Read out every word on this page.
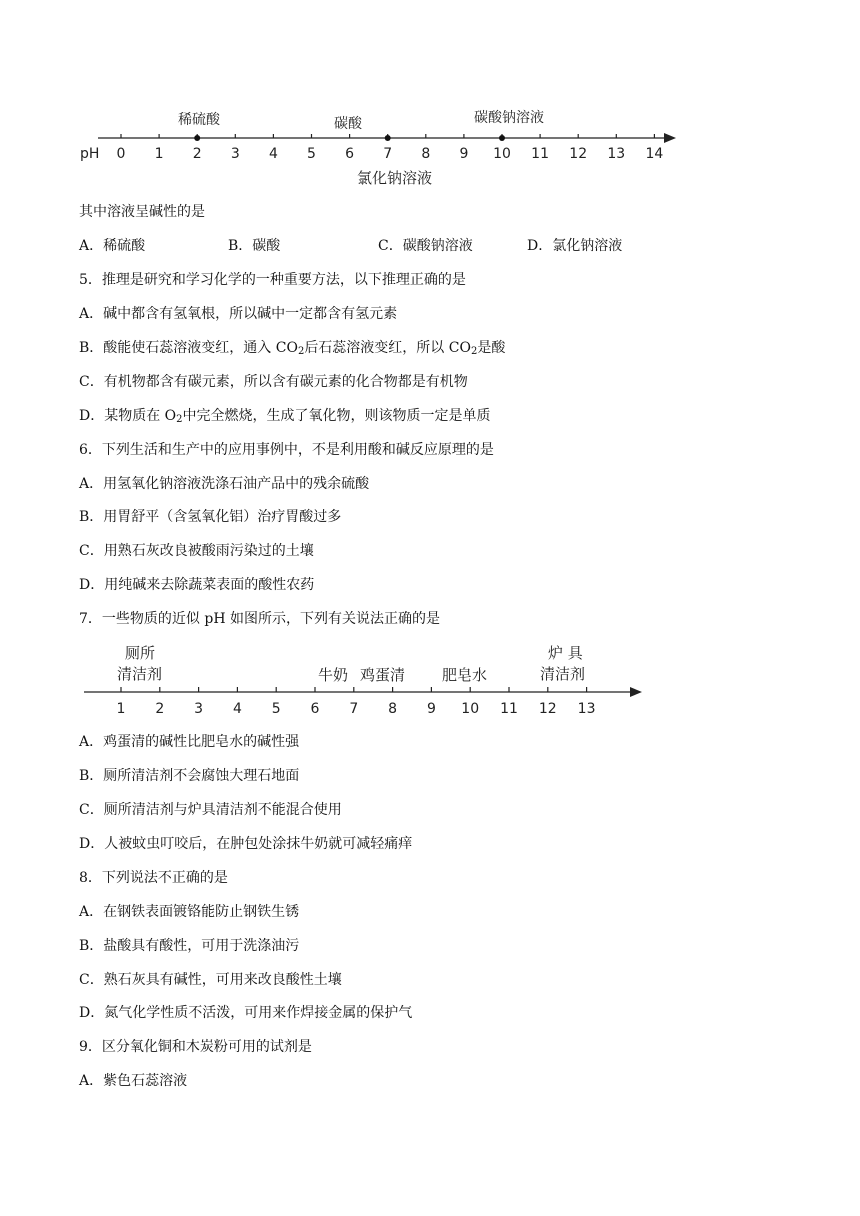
pH 0 1 2 3 4 5 6 7 8 9 10 11 12 13 14
稀硫酸	碳酸	碳酸钠溶液
氯化钠溶液
其中溶液呈碱性的是
A．稀硫酸	B．碳酸	C．碳酸钠溶液	D．氯化钠溶液
5．推理是研究和学习化学的一种重要方法，以下推理正确的是
A．碱中都含有氢氧根，所以碱中一定都含有氢元素
B．酸能使石蕊溶液变红，通入 $CO_2$后石蕊溶液变红，所以 $CO_2$是酸
C．有机物都含有碳元素，所以含有碳元素的化合物都是有机物
D．某物质在 $O_2$中完全燃烧，生成了氧化物，则该物质一定是单质
6．下列生活和生产中的应用事例中，不是利用酸和碱反应原理的是
A．用氢氧化钠溶液洗涤石油产品中的残余硫酸
B．用胃舒平（含氢氧化铝）治疗胃酸过多
C．用熟石灰改良被酸雨污染过的土壤
D．用纯碱来去除蔬菜表面的酸性农药
7．一些物质的近似 pH 如图所示，下列有关说法正确的是
1 2 3 4 5 6 7 8 9 10 11 12 13
厕所
清洁剂	牛奶 鸡蛋清 肥皂水
炉 具
清洁剂
A．鸡蛋清的碱性比肥皂水的碱性强
B．厕所清洁剂不会腐蚀大理石地面
C．厕所清洁剂与炉具清洁剂不能混合使用
D．人被蚊虫叮咬后，在肿包处涂抹牛奶就可减轻痛痒
8．下列说法不正确的是
A．在钢铁表面镀铬能防止钢铁生锈
B．盐酸具有酸性，可用于洗涤油污
C．熟石灰具有碱性，可用来改良酸性土壤
D．氮气化学性质不活泼，可用来作焊接金属的保护气
9．区分氧化铜和木炭粉可用的试剂是
A．紫色石蕊溶液
